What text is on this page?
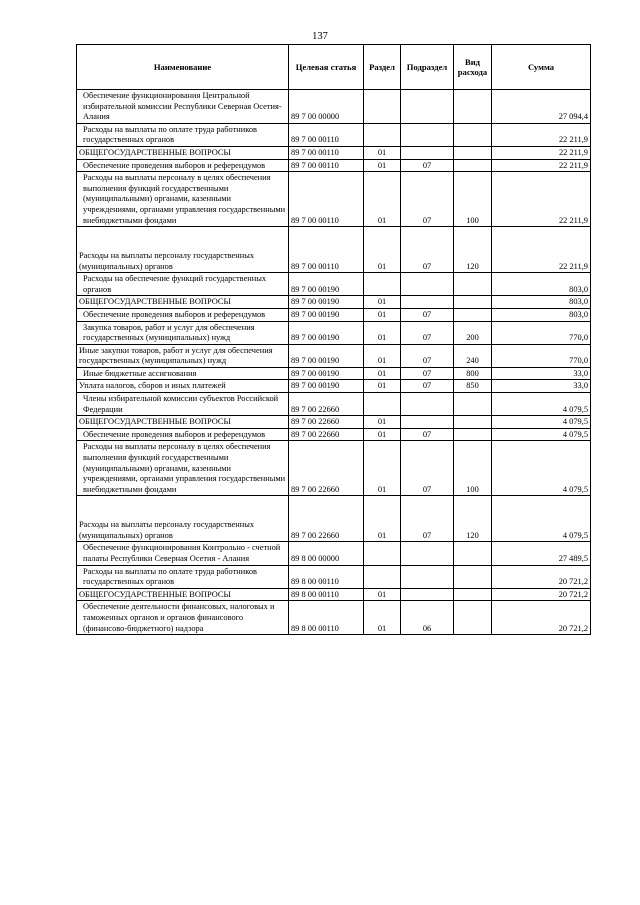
137
Наименование	Целевая статья	Раздел	Подраздел	Вид расхода	Сумма
Обеспечение функционирования Центральной избирательной комиссии Республики Северная Осетия-Алания	89 7 00 00000				27 094,4
Расходы на выплаты по оплате труда работников государственных органов	89 7 00 00110				22 211,9
ОБЩЕГОСУДАРСТВЕННЫЕ ВОПРОСЫ	89 7 00 00110	01			22 211,9
Обеспечение проведения выборов и референдумов	89 7 00 00110	01	07		22 211,9
Расходы на выплаты персоналу в целях обеспечения выполнения функций государственными (муниципальными) органами, казенными учреждениями, органами управления государственными внебюджетными фондами	89 7 00 00110	01	07	100	22 211,9
Расходы на выплаты персоналу государственных (муниципальных) органов	89 7 00 00110	01	07	120	22 211,9
Расходы на обеспечение функций государственных органов	89 7 00 00190				803,0
ОБЩЕГОСУДАРСТВЕННЫЕ ВОПРОСЫ	89 7 00 00190	01			803,0
Обеспечение проведения выборов и референдумов	89 7 00 00190	01	07		803,0
Закупка товаров, работ и услуг для обеспечения государственных (муниципальных) нужд	89 7 00 00190	01	07	200	770,0
Иные закупки товаров, работ и услуг для обеспечения государственных (муниципальных) нужд	89 7 00 00190	01	07	240	770,0
Иные бюджетные ассигнования	89 7 00 00190	01	07	800	33,0
Уплата налогов, сборов и иных платежей	89 7 00 00190	01	07	850	33,0
Члены избирательной комиссии субъектов Российской Федерации	89 7 00 22660				4 079,5
ОБЩЕГОСУДАРСТВЕННЫЕ ВОПРОСЫ	89 7 00 22660	01			4 079,5
Обеспечение проведения выборов и референдумов	89 7 00 22660	01	07		4 079,5
Расходы на выплаты персоналу в целях обеспечения выполнения функций государственными (муниципальными) органами, казенными учреждениями, органами управления государственными внебюджетными фондами	89 7 00 22660	01	07	100	4 079,5
Расходы на выплаты персоналу государственных (муниципальных) органов	89 7 00 22660	01	07	120	4 079,5
Обеспечение функционирования Контрольно - счетной палаты Республики Северная Осетия - Алания	89 8 00 00000				27 489,5
Расходы на выплаты по оплате труда работников государственных органов	89 8 00 00110				20 721,2
ОБЩЕГОСУДАРСТВЕННЫЕ ВОПРОСЫ	89 8 00 00110	01			20 721,2
Обеспечение деятельности финансовых, налоговых и таможенных органов и органов финансового (финансово-бюджетного) надзора	89 8 00 00110	01	06		20 721,2
